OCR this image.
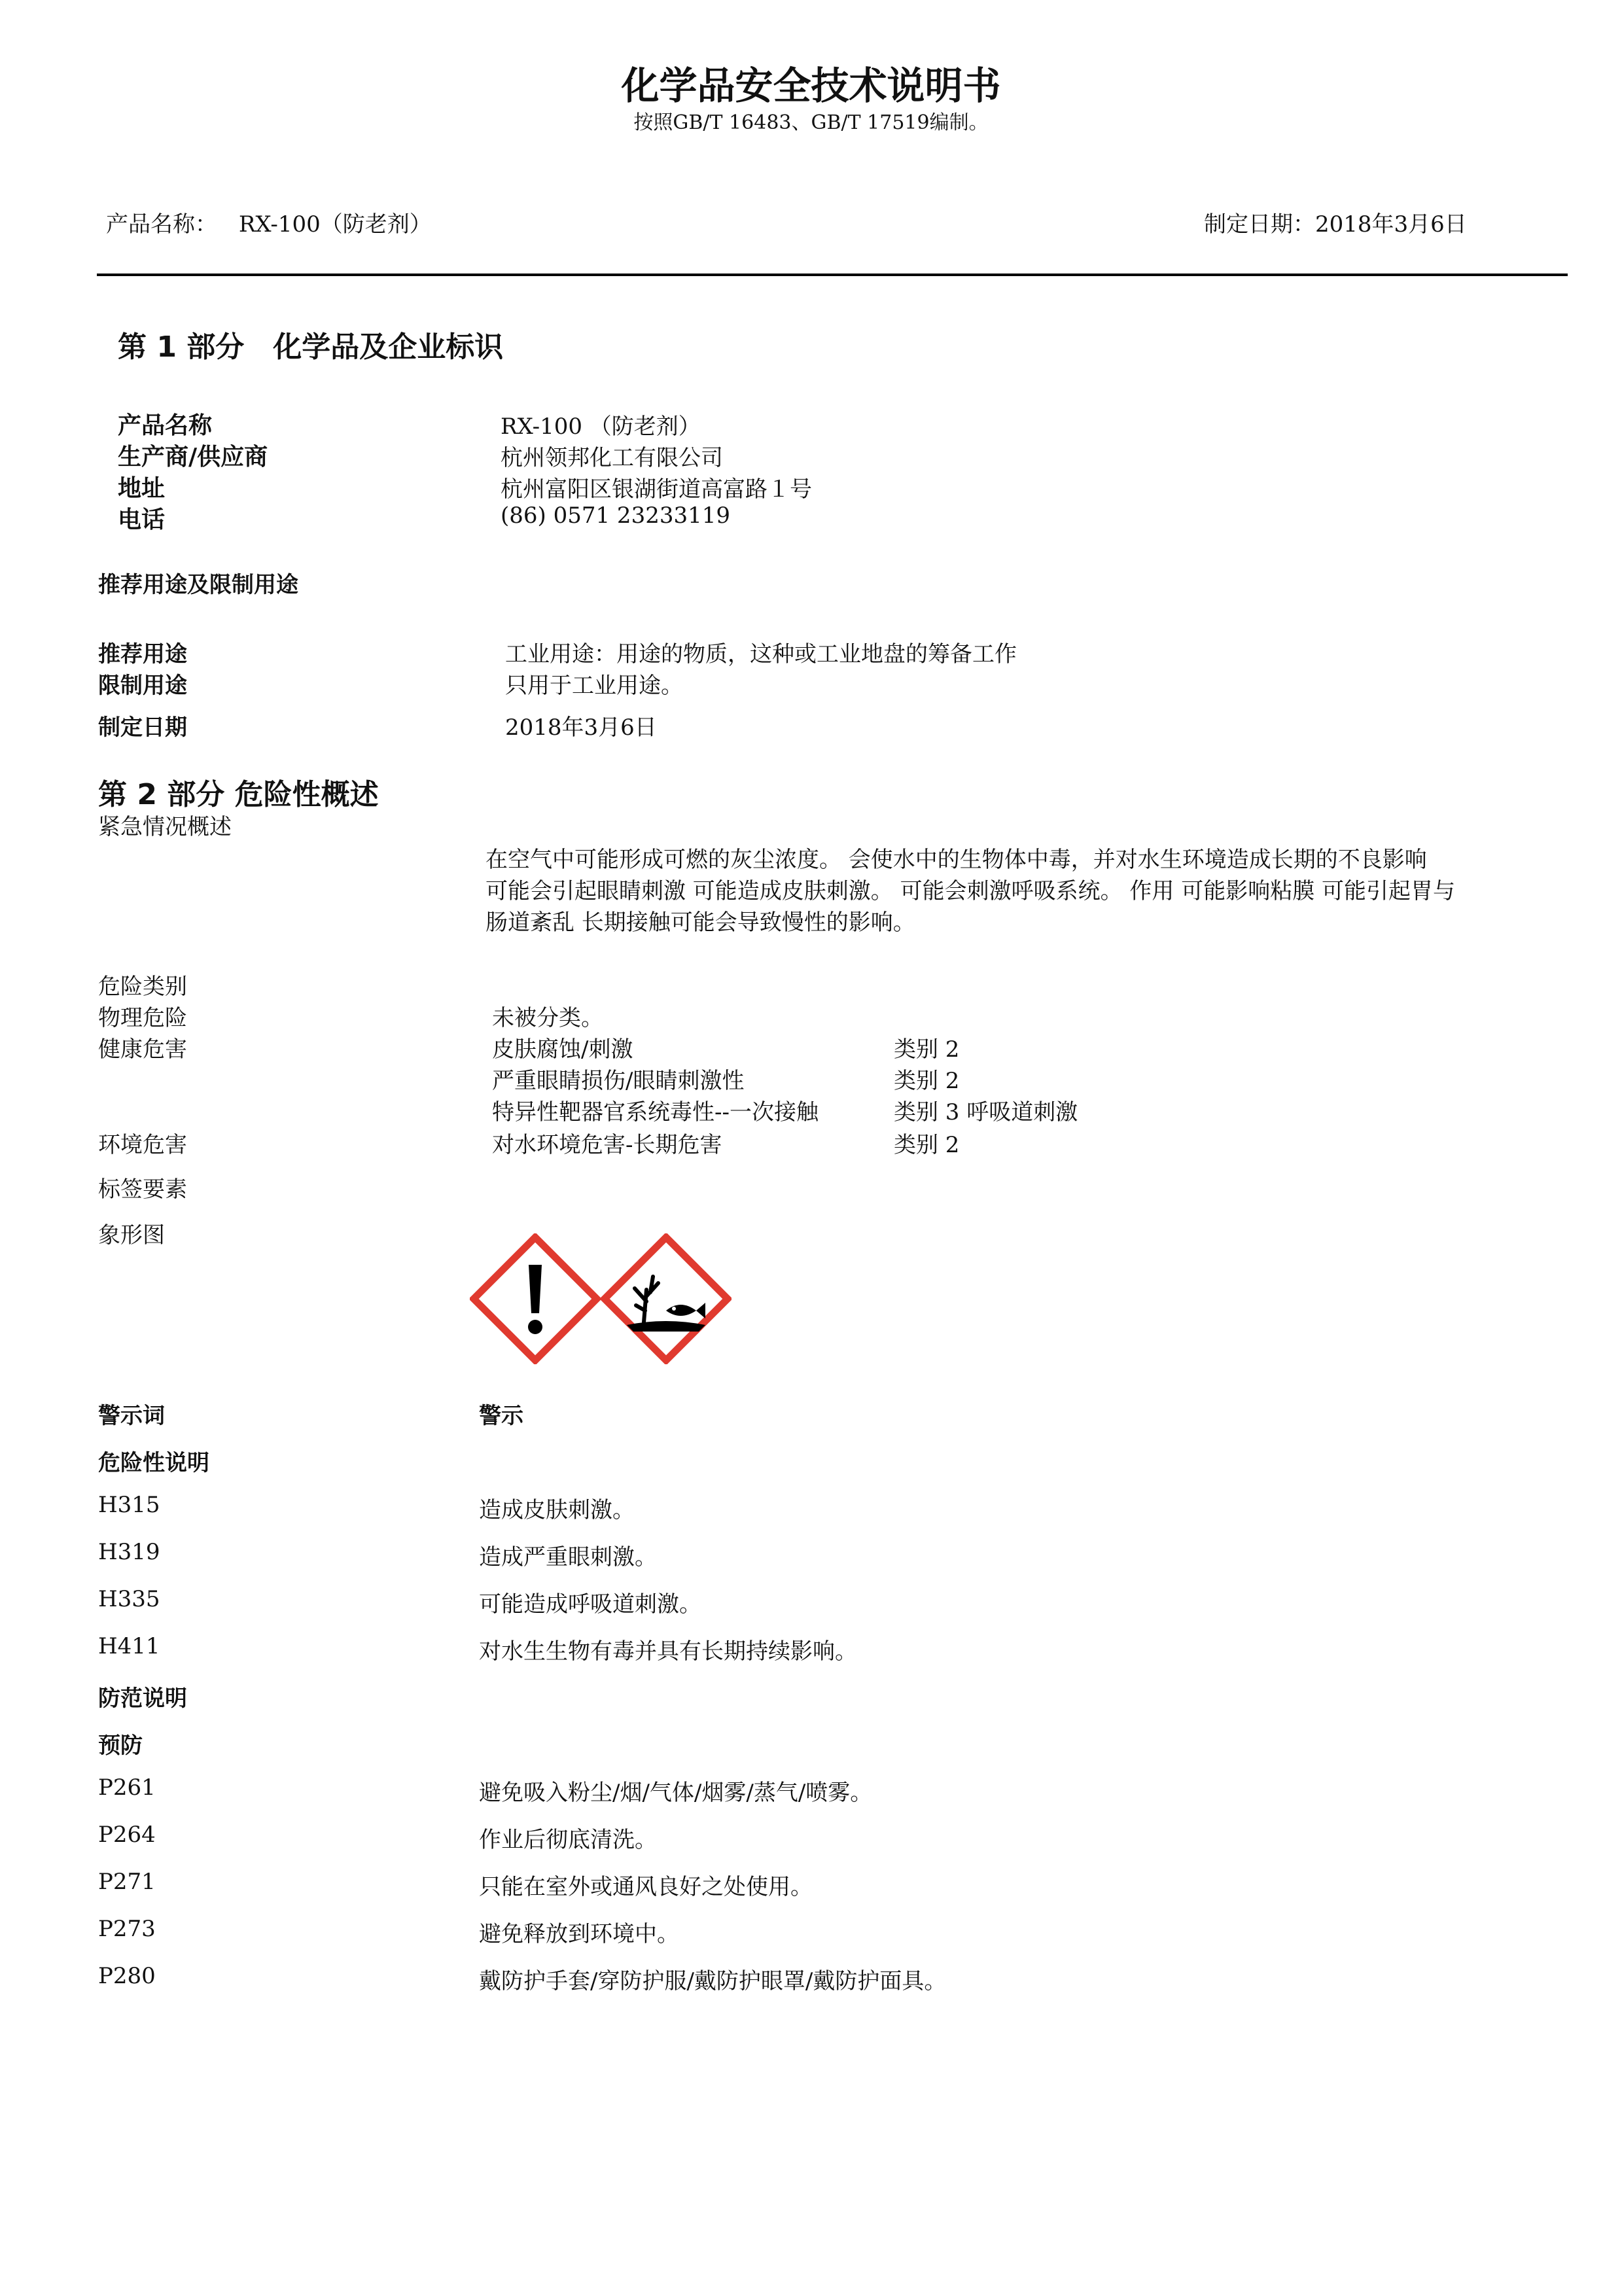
化学品安全技术说明书
按照GB/T 16483、GB/T 17519编制。
产品名称： RX-100（防老剂）	制定日期：2018年3月6日
第 1 部分　化学品及企业标识
产品名称	RX-100 （防老剂）
生产商/供应商	杭州领邦化工有限公司
地址	杭州富阳区银湖街道高富路１号
电话	(86) 0571 23233119
推荐用途及限制用途
推荐用途	工业用途：用途的物质，这种或工业地盘的筹备工作
限制用途	只用于工业用途。
制定日期	2018年3月6日
第 2 部分 危险性概述
紧急情况概述
在空气中可能形成可燃的灰尘浓度。 会使水中的生物体中毒，并对水生环境造成长期的不良影响
可能会引起眼睛刺激 可能造成皮肤刺激。 可能会刺激呼吸系统。 作用 可能影响粘膜 可能引起胃与
肠道紊乱 长期接触可能会导致慢性的影响。
危险类别
物理危险	未被分类。
健康危害	皮肤腐蚀/刺激	类别 2
严重眼睛损伤/眼睛刺激性	类别 2
特异性靶器官系统毒性--一次接触	类别 3 呼吸道刺激
环境危害	对水环境危害-长期危害	类别 2
标签要素
象形图
警示词	警示
危险性说明
H315	造成皮肤刺激。
H319	造成严重眼刺激。
H335	可能造成呼吸道刺激。
H411	对水生生物有毒并具有长期持续影响。
防范说明
预防
P261	避免吸入粉尘/烟/气体/烟雾/蒸气/喷雾。
P264	作业后彻底清洗。
P271	只能在室外或通风良好之处使用。
P273	避免释放到环境中。
P280	戴防护手套/穿防护服/戴防护眼罩/戴防护面具。
